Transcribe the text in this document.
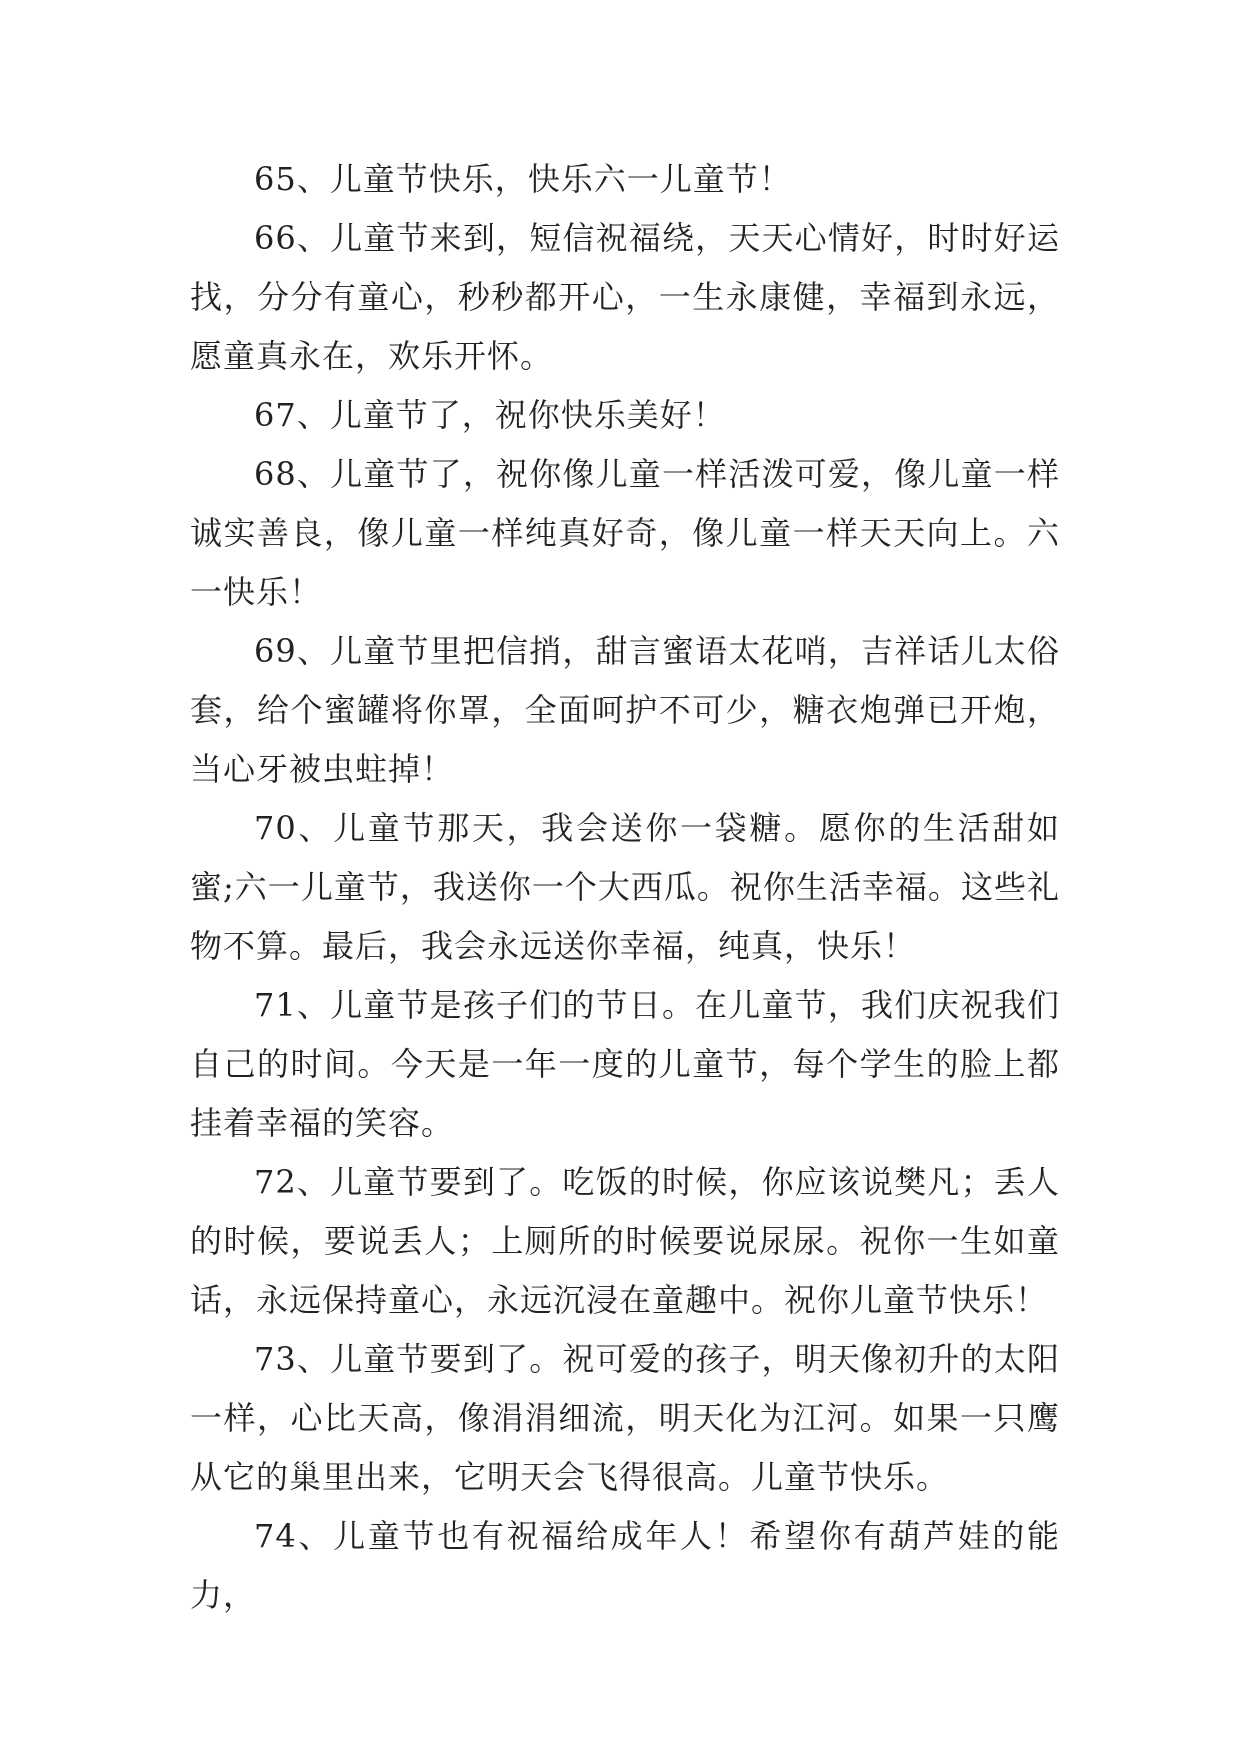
65、儿童节快乐，快乐六一儿童节！

66、儿童节来到，短信祝福绕，天天心情好，时时好运找，分分有童心，秒秒都开心，一生永康健，幸福到永远，愿童真永在，欢乐开怀。

67、儿童节了，祝你快乐美好！

68、儿童节了，祝你像儿童一样活泼可爱，像儿童一样诚实善良，像儿童一样纯真好奇，像儿童一样天天向上。六一快乐！

69、儿童节里把信捎，甜言蜜语太花哨，吉祥话儿太俗套，给个蜜罐将你罩，全面呵护不可少，糖衣炮弹已开炮，当心牙被虫蛀掉！

70、儿童节那天，我会送你一袋糖。愿你的生活甜如蜜;六一儿童节，我送你一个大西瓜。祝你生活幸福。这些礼物不算。最后，我会永远送你幸福，纯真，快乐！

71、儿童节是孩子们的节日。在儿童节，我们庆祝我们自己的时间。今天是一年一度的儿童节，每个学生的脸上都挂着幸福的笑容。

72、儿童节要到了。吃饭的时候，你应该说樊凡；丢人的时候，要说丢人；上厕所的时候要说尿尿。祝你一生如童话，永远保持童心，永远沉浸在童趣中。祝你儿童节快乐！

73、儿童节要到了。祝可爱的孩子，明天像初升的太阳一样，心比天高，像涓涓细流，明天化为江河。如果一只鹰从它的巢里出来，它明天会飞得很高。儿童节快乐。

74、儿童节也有祝福给成年人！希望你有葫芦娃的能力，
